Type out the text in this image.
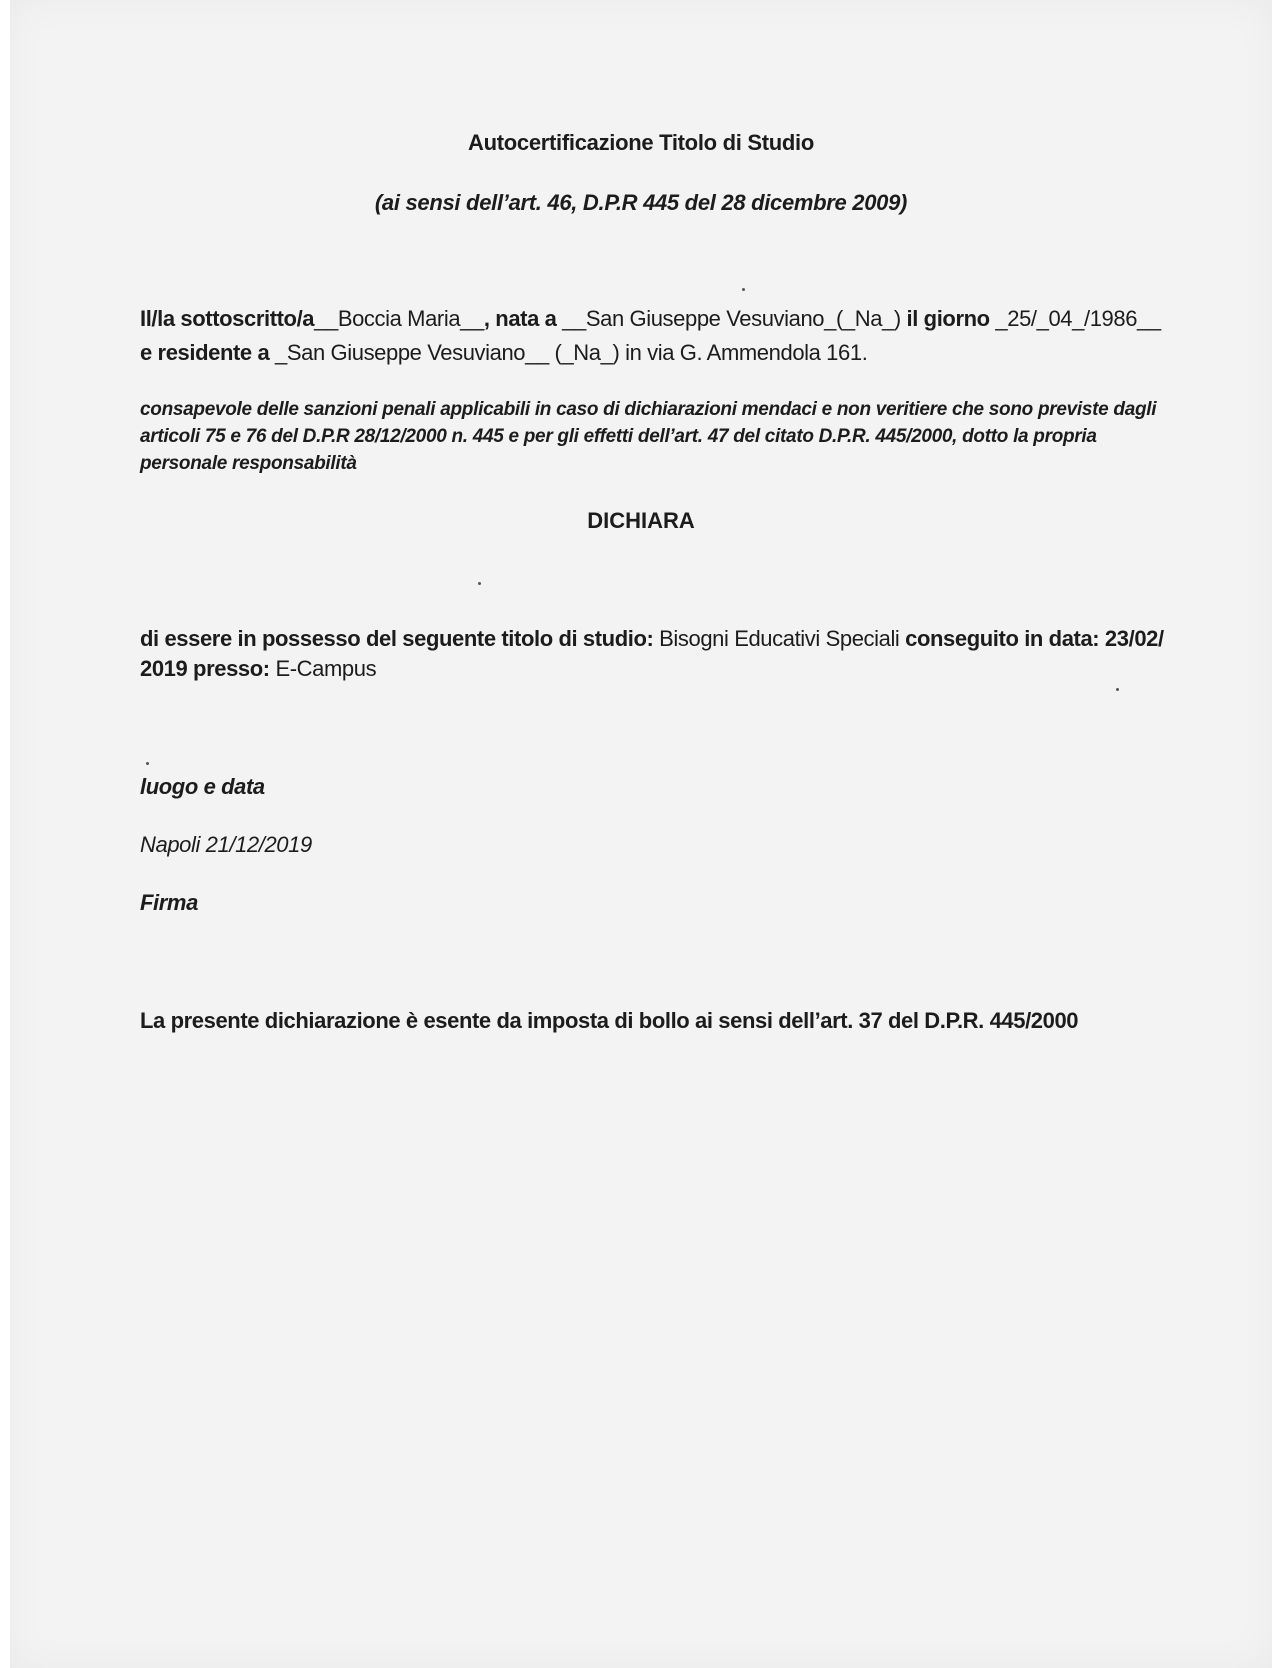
Autocertificazione Titolo di Studio
(ai sensi dell’art. 46, D.P.R 445 del 28 dicembre 2009)
Il/la sottoscritto/a__Boccia Maria__, nata a __San Giuseppe Vesuviano_(_Na_) il giorno _25/_04_/1986__
e residente a _San Giuseppe Vesuviano__ (_Na_) in via G. Ammendola 161.
consapevole delle sanzioni penali applicabili in caso di dichiarazioni mendaci e non veritiere che sono previste dagli articoli 75 e 76 del D.P.R 28/12/2000 n. 445 e per gli effetti dell’art. 47 del citato D.P.R. 445/2000, dotto la propria personale responsabilità
DICHIARA
di essere in possesso del seguente titolo di studio: Bisogni Educativi Speciali conseguito in data: 23/02/
2019 presso: E-Campus
luogo e data
Napoli 21/12/2019
Firma
La presente dichiarazione è esente da imposta di bollo ai sensi dell’art. 37 del D.P.R. 445/2000
